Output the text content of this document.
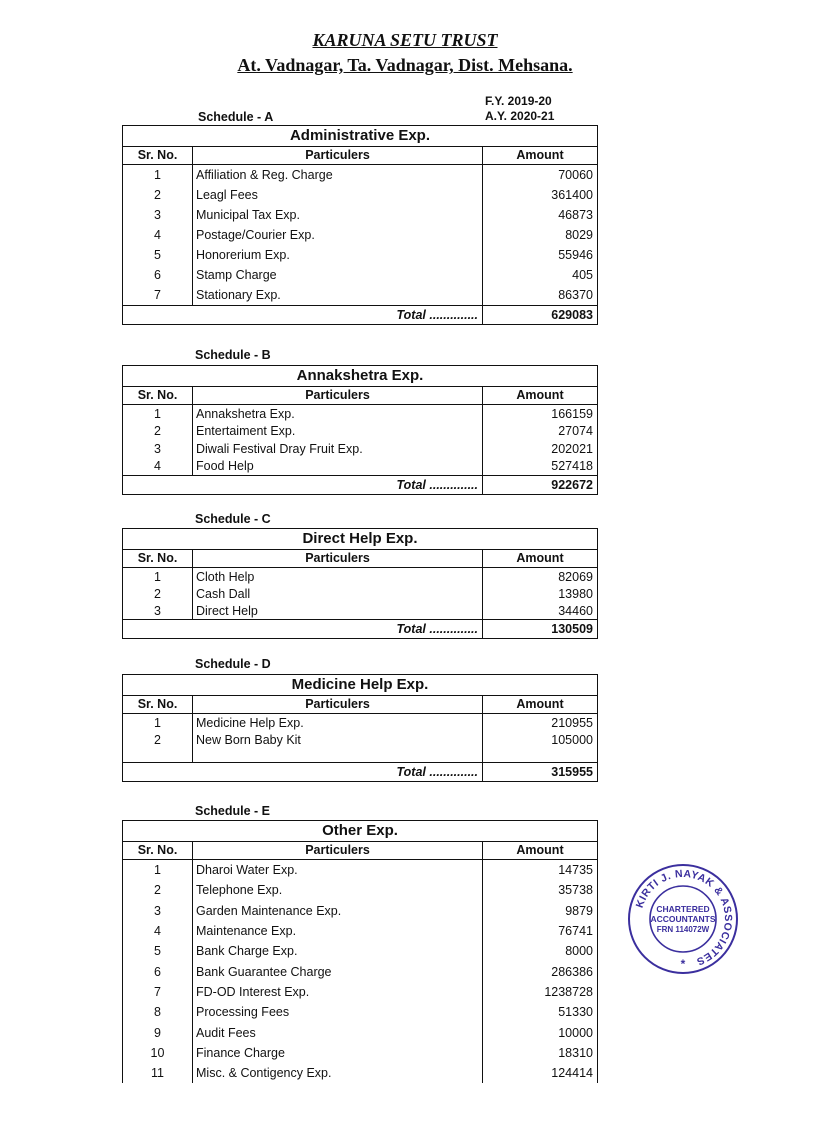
KARUNA SETU TRUST
At. Vadnagar, Ta. Vadnagar, Dist. Mehsana.
F.Y. 2019-20
A.Y. 2020-21
Schedule - A
Administrative Exp.
Sr. No.	Particulers	Amount
1	Affiliation & Reg. Charge	70060
2	Leagl Fees	361400
3	Municipal Tax Exp.	46873
4	Postage/Courier Exp.	8029
5	Honorerium Exp.	55946
6	Stamp Charge	405
7	Stationary Exp.	86370
Total ..............	629083
Schedule - B
Annakshetra Exp.
Sr. No.	Particulers	Amount
1	Annakshetra Exp.	166159
2	Entertaiment Exp.	27074
3	Diwali Festival Dray Fruit Exp.	202021
4	Food Help	527418
Total ..............	922672
Schedule - C
Direct Help Exp.
Sr. No.	Particulers	Amount
1	Cloth Help	82069
2	Cash Dall	13980
3	Direct Help	34460
Total ..............	130509
Schedule - D
Medicine Help Exp.
Sr. No.	Particulers	Amount
1	Medicine Help Exp.	210955
2	New Born Baby Kit	105000
Total ..............	315955
Schedule - E
Other Exp.
Sr. No.	Particulers	Amount
1	Dharoi Water Exp.	14735
2	Telephone Exp.	35738
3	Garden Maintenance Exp.	9879
4	Maintenance Exp.	76741
5	Bank Charge Exp.	8000
6	Bank Guarantee Charge	286386
7	FD-OD Interest Exp.	1238728
8	Processing Fees	51330
9	Audit Fees	10000
10	Finance Charge	18310
11	Misc. & Contigency Exp.	124414
KIRTI J. NAYAK & ASSOCIATES
CHARTERED
ACCOUNTANTS
FRN 114072W
*
